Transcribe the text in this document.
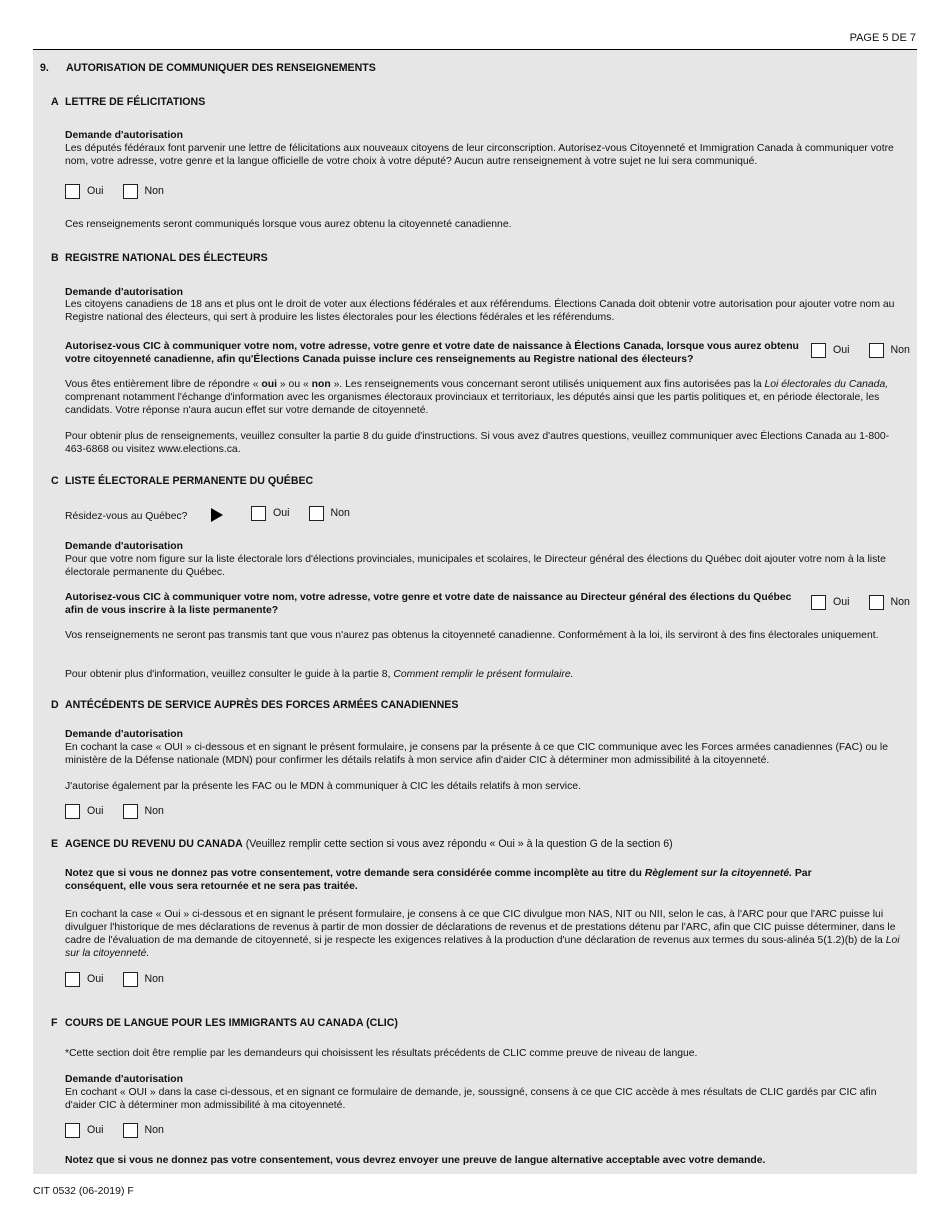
PAGE 5 DE 7
9. AUTORISATION DE COMMUNIQUER DES RENSEIGNEMENTS
A LETTRE DE FÉLICITATIONS
Demande d'autorisation
Les députés fédéraux font parvenir une lettre de félicitations aux nouveaux citoyens de leur circonscription. Autorisez-vous Citoyenneté et Immigration Canada à communiquer votre nom, votre adresse, votre genre et la langue officielle de votre choix à votre député? Aucun autre renseignement à votre sujet ne lui sera communiqué.
Oui	Non
Ces renseignements seront communiqués lorsque vous aurez obtenu la citoyenneté canadienne.
B REGISTRE NATIONAL DES ÉLECTEURS
Demande d'autorisation
Les citoyens canadiens de 18 ans et plus ont le droit de voter aux élections fédérales et aux référendums. Élections Canada doit obtenir votre autorisation pour ajouter votre nom au Registre national des électeurs, qui sert à produire les listes électorales pour les élections fédérales et les référendums.
Autorisez-vous CIC à communiquer votre nom, votre adresse, votre genre et votre date de naissance à Élections Canada, lorsque vous aurez obtenu votre citoyenneté canadienne, afin qu'Élections Canada puisse inclure ces renseignements au Registre national des électeurs?
Oui	Non
Vous êtes entièrement libre de répondre « oui » ou « non ». Les renseignements vous concernant seront utilisés uniquement aux fins autorisées pas la Loi électorales du Canada, comprenant notamment l'échange d'information avec les organismes électoraux provinciaux et territoriaux, les députés ainsi que les partis politiques et, en période électorale, les candidats. Votre réponse n'aura aucun effet sur votre demande de citoyenneté.
Pour obtenir plus de renseignements, veuillez consulter la partie 8 du guide d'instructions. Si vous avez d'autres questions, veuillez communiquer avec Élections Canada au 1-800-463-6868 ou visitez www.elections.ca.
C LISTE ÉLECTORALE PERMANENTE DU QUÉBEC
Résidez-vous au Québec?	Oui	Non
Demande d'autorisation
Pour que votre nom figure sur la liste électorale lors d'élections provinciales, municipales et scolaires, le Directeur général des élections du Québec doit ajouter votre nom à la liste électorale permanente du Québec.
Autorisez-vous CIC à communiquer votre nom, votre adresse, votre genre et votre date de naissance au Directeur général des élections du Québec afin de vous inscrire à la liste permanente?
Oui	Non
Vos renseignements ne seront pas transmis tant que vous n'aurez pas obtenus la citoyenneté canadienne. Conformément à la loi, ils serviront à des fins électorales uniquement.
Pour obtenir plus d'information, veuillez consulter le guide à la partie 8, Comment remplir le présent formulaire.
D ANTÉCÉDENTS DE SERVICE AUPRÈS DES FORCES ARMÉES CANADIENNES
Demande d'autorisation
En cochant la case « OUI » ci-dessous et en signant le présent formulaire, je consens par la présente à ce que CIC communique avec les Forces armées canadiennes (FAC) ou le ministère de la Défense nationale (MDN) pour confirmer les détails relatifs à mon service afin d'aider CIC à déterminer mon admissibilité à la citoyenneté.
J'autorise également par la présente les FAC ou le MDN à communiquer à CIC les détails relatifs à mon service.
Oui	Non
E AGENCE DU REVENU DU CANADA (Veuillez remplir cette section si vous avez répondu « Oui » à la question G de la section 6)
Notez que si vous ne donnez pas votre consentement, votre demande sera considérée comme incomplète au titre du Règlement sur la citoyenneté. Par conséquent, elle vous sera retournée et ne sera pas traitée.
En cochant la case « Oui » ci-dessous et en signant le présent formulaire, je consens à ce que CIC divulgue mon NAS, NIT ou NII, selon le cas, à l'ARC pour que l'ARC puisse lui divulguer l'historique de mes déclarations de revenus à partir de mon dossier de déclarations de revenus et de prestations détenu par l'ARC, afin que CIC puisse déterminer, dans le cadre de l'évaluation de ma demande de citoyenneté, si je respecte les exigences relatives à la production d'une déclaration de revenus aux termes du sous-alinéa 5(1.2)(b) de la Loi sur la citoyenneté.
Oui	Non
F COURS DE LANGUE POUR LES IMMIGRANTS AU CANADA (CLIC)
*Cette section doit être remplie par les demandeurs qui choisissent les résultats précédents de CLIC comme preuve de niveau de langue.
Demande d'autorisation
En cochant « OUI » dans la case ci-dessous, et en signant ce formulaire de demande, je, soussigné, consens à ce que CIC accède à mes résultats de CLIC gardés par CIC afin d'aider CIC à déterminer mon admissibilité à ma citoyenneté.
Oui	Non
Notez que si vous ne donnez pas votre consentement, vous devrez envoyer une preuve de langue alternative acceptable avec votre demande.
CIT 0532 (06-2019) F
